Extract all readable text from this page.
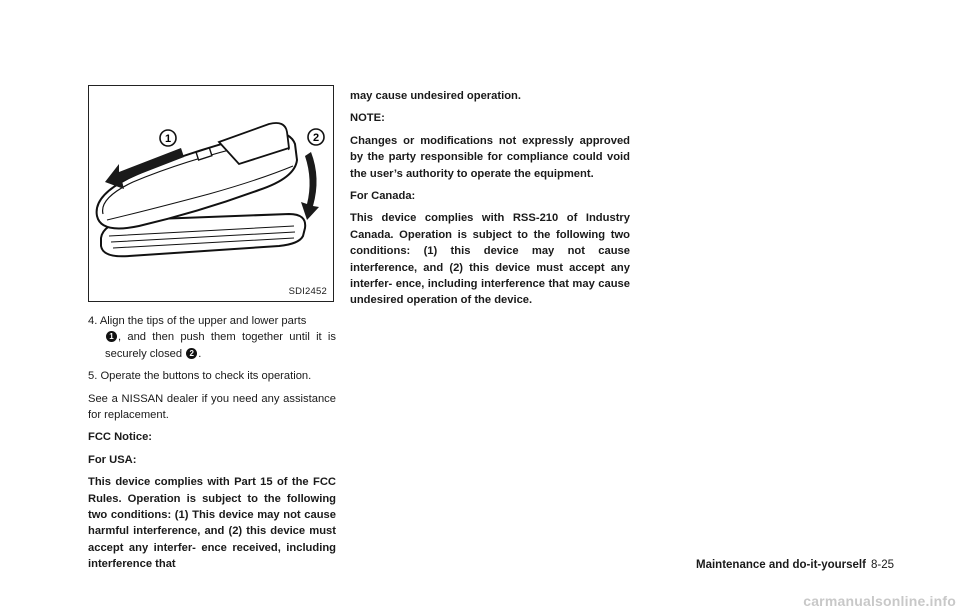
1	2
SDI2452

4. Align the tips of the upper and lower parts
1 , and then push them together until it is securely closed 2 .

5. Operate the buttons to check its operation.

See a NISSAN dealer if you need any assistance for replacement.

FCC Notice:

For USA:

This device complies with Part 15 of the FCC Rules. Operation is subject to the following two conditions: (1) This device may not cause harmful interference, and (2) this device must accept any interfer- ence received, including interference that

may cause undesired operation.

NOTE:

Changes or modifications not expressly approved by the party responsible for compliance could void the user’s authority to operate the equipment.

For Canada:

This device complies with RSS-210 of Industry Canada. Operation is subject to the following two conditions: (1) this device may not cause interference, and (2) this device must accept any interfer- ence, including interference that may cause undesired operation of the device.

Maintenance and do-it-yourself 8-25
carmanualsonline.info
